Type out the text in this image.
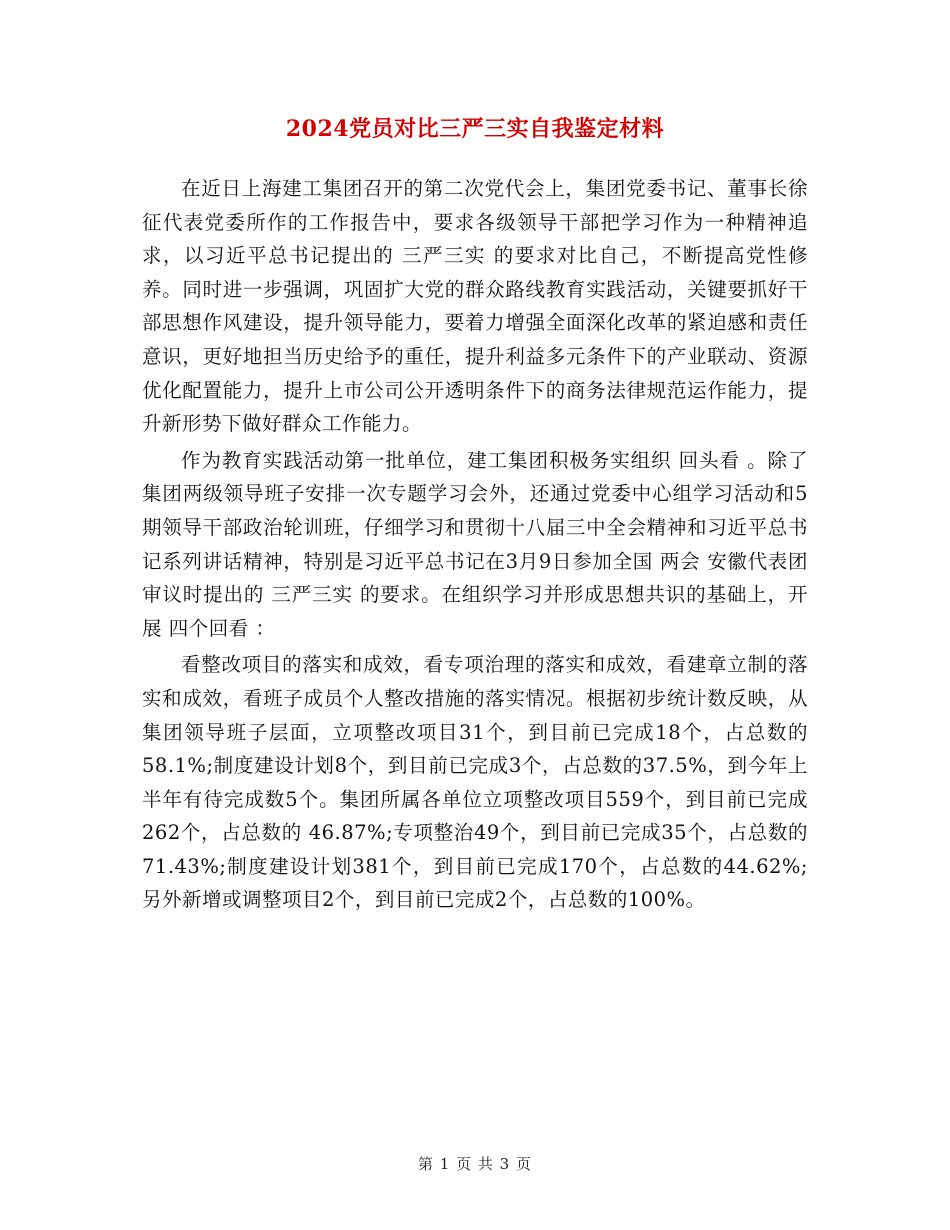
2024党员对比三严三实自我鉴定材料

在近日上海建工集团召开的第二次党代会上，集团党委书记、董事长徐征代表党委所作的工作报告中，要求各级领导干部把学习作为一种精神追求，以习近平总书记提出的 三严三实 的要求对比自己，不断提高党性修养。同时进一步强调，巩固扩大党的群众路线教育实践活动，关键要抓好干部思想作风建设，提升领导能力，要着力增强全面深化改革的紧迫感和责任意识，更好地担当历史给予的重任，提升利益多元条件下的产业联动、资源优化配置能力，提升上市公司公开透明条件下的商务法律规范运作能力，提升新形势下做好群众工作能力。

作为教育实践活动第一批单位，建工集团积极务实组织 回头看 。除了集团两级领导班子安排一次专题学习会外，还通过党委中心组学习活动和5期领导干部政治轮训班，仔细学习和贯彻十八届三中全会精神和习近平总书记系列讲话精神，特别是习近平总书记在3月9日参加全国 两会 安徽代表团审议时提出的 三严三实 的要求。在组织学习并形成思想共识的基础上，开展 四个回看 ：

看整改项目的落实和成效，看专项治理的落实和成效，看建章立制的落实和成效，看班子成员个人整改措施的落实情况。根据初步统计数反映，从集团领导班子层面，立项整改项目31个，到目前已完成18个，占总数的58.1%;制度建设计划8个，到目前已完成3个，占总数的37.5%，到今年上半年有待完成数5个。集团所属各单位立项整改项目559个，到目前已完成262个，占总数的 46.87%;专项整治49个，到目前已完成35个，占总数的71.43%;制度建设计划381个，到目前已完成170个，占总数的44.62%;另外新增或调整项目2个，到目前已完成2个，占总数的100%。

第 1 页 共 3 页
